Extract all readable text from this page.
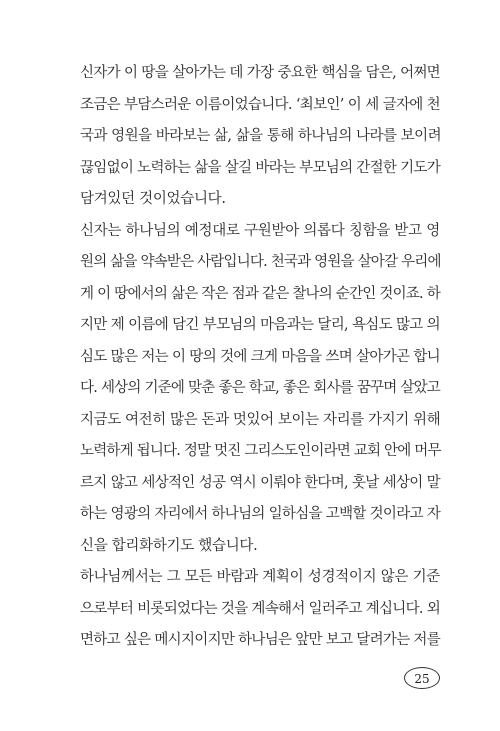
신자가 이 땅을 살아가는 데 가장 중요한 핵심을 담은, 어쩌면
조금은 부담스러운 이름이었습니다. ‘최보인’ 이 세 글자에 천
국과 영원을 바라보는 삶, 삶을 통해 하나님의 나라를 보이려
끊임없이 노력하는 삶을 살길 바라는 부모님의 간절한 기도가
담겨있던 것이었습니다.
신자는 하나님의 예정대로 구원받아 의롭다 칭함을 받고 영
원의 삶을 약속받은 사람입니다. 천국과 영원을 살아갈 우리에
게 이 땅에서의 삶은 작은 점과 같은 찰나의 순간인 것이죠. 하
지만 제 이름에 담긴 부모님의 마음과는 달리, 욕심도 많고 의
심도 많은 저는 이 땅의 것에 크게 마음을 쓰며 살아가곤 합니
다. 세상의 기준에 맞춘 좋은 학교, 좋은 회사를 꿈꾸며 살았고
지금도 여전히 많은 돈과 멋있어 보이는 자리를 가지기 위해
노력하게 됩니다. 정말 멋진 그리스도인이라면 교회 안에 머무
르지 않고 세상적인 성공 역시 이뤄야 한다며, 훗날 세상이 말
하는 영광의 자리에서 하나님의 일하심을 고백할 것이라고 자
신을 합리화하기도 했습니다.
하나님께서는 그 모든 바람과 계획이 성경적이지 않은 기준
으로부터 비롯되었다는 것을 계속해서 일러주고 계십니다. 외
면하고 싶은 메시지이지만 하나님은 앞만 보고 달려가는 저를
25
